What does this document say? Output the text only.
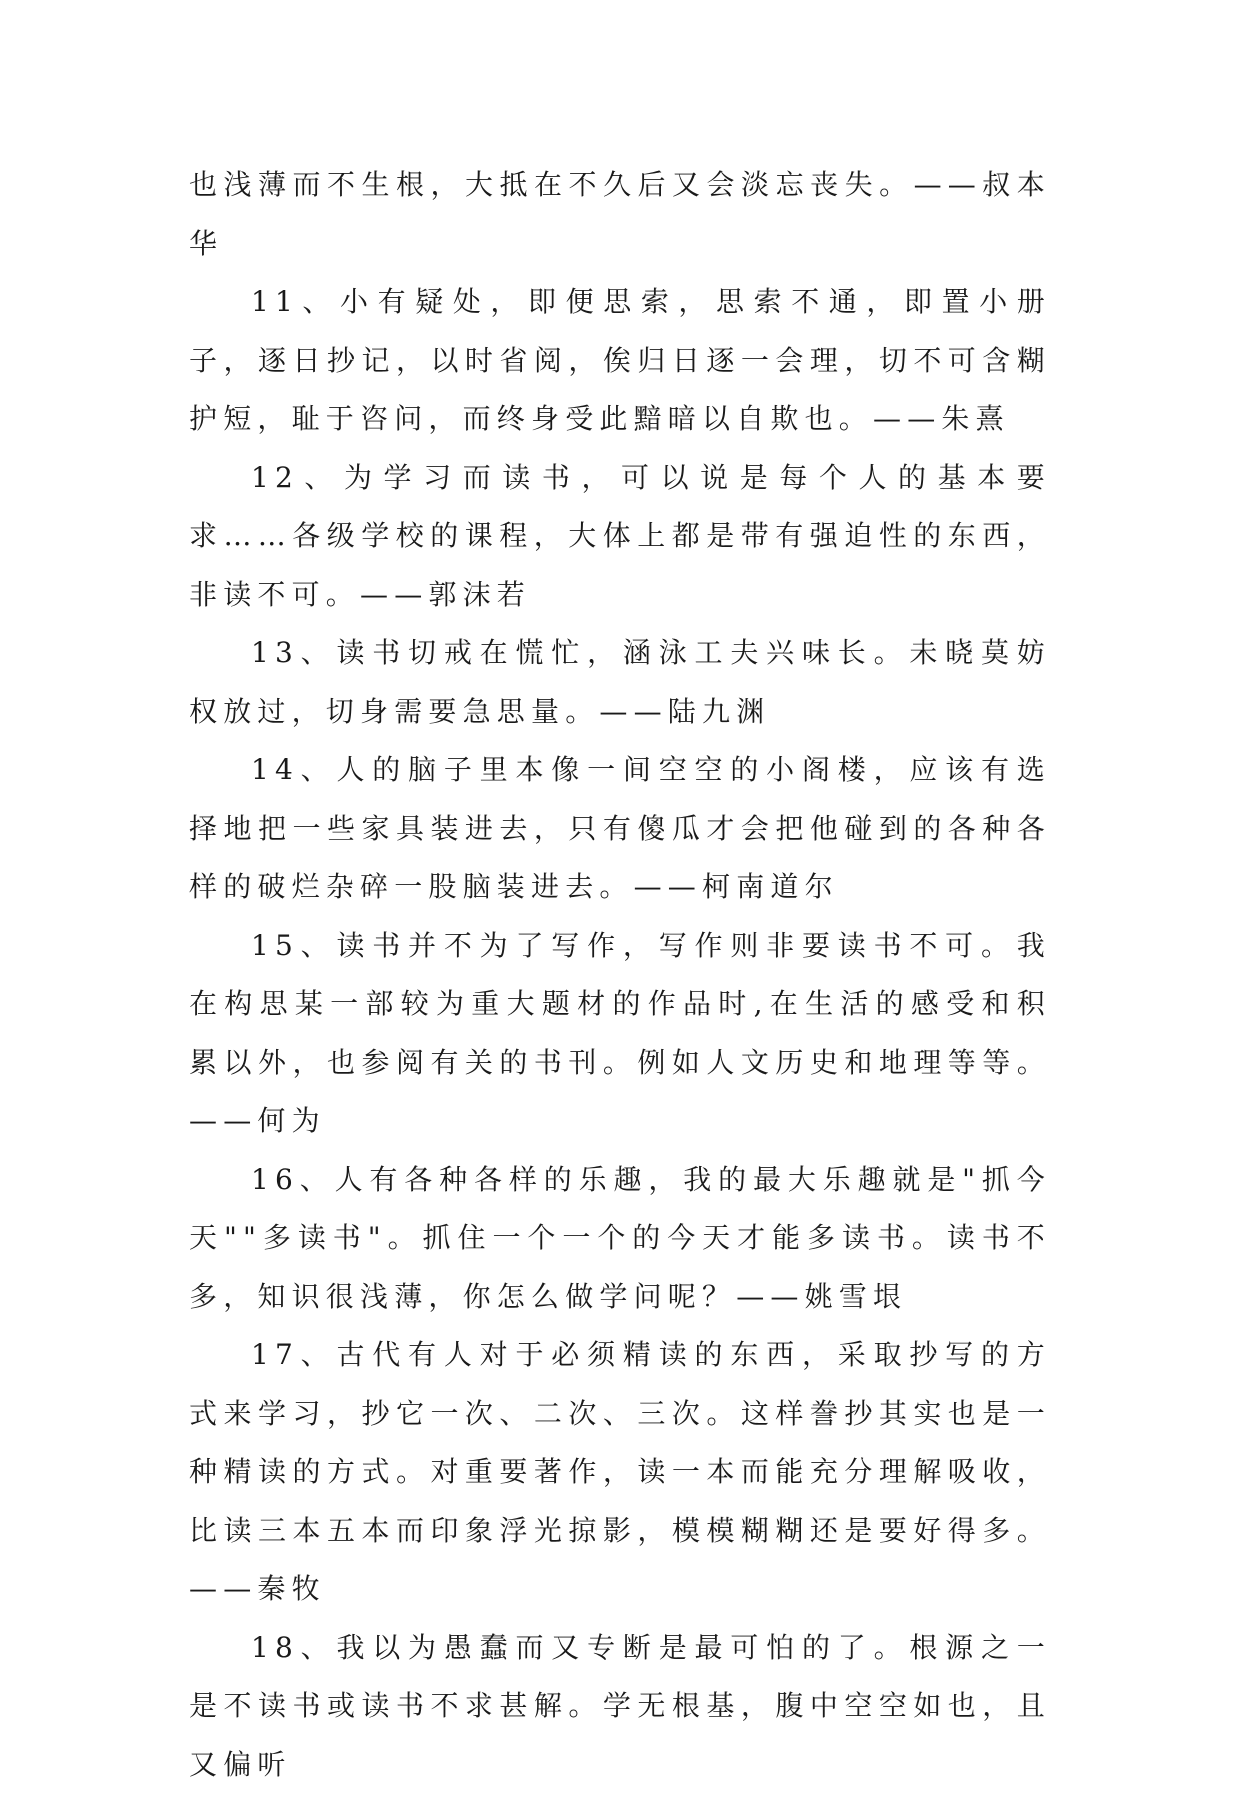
也浅薄而不生根，大抵在不久后又会淡忘丧失。——叔本华

11、小有疑处，即便思索，思索不通，即置小册子，逐日抄记，以时省阅，俟归日逐一会理，切不可含糊护短，耻于咨问，而终身受此黯暗以自欺也。——朱熹

12、为学习而读书，可以说是每个人的基本要求……各级学校的课程，大体上都是带有强迫性的东西，非读不可。——郭沫若

13、读书切戒在慌忙，涵泳工夫兴味长。未晓莫妨权放过，切身需要急思量。——陆九渊

14、人的脑子里本像一间空空的小阁楼，应该有选择地把一些家具装进去，只有傻瓜才会把他碰到的各种各样的破烂杂碎一股脑装进去。——柯南道尔

15、读书并不为了写作，写作则非要读书不可。我在构思某一部较为重大题材的作品时,在生活的感受和积累以外，也参阅有关的书刊。例如人文历史和地理等等。——何为

16、人有各种各样的乐趣，我的最大乐趣就是"抓今天""多读书"。抓住一个一个的今天才能多读书。读书不多，知识很浅薄，你怎么做学问呢？——姚雪垠

17、古代有人对于必须精读的东西，采取抄写的方式来学习，抄它一次、二次、三次。这样誊抄其实也是一种精读的方式。对重要著作，读一本而能充分理解吸收，比读三本五本而印象浮光掠影，模模糊糊还是要好得多。——秦牧

18、我以为愚蠢而又专断是最可怕的了。根源之一是不读书或读书不求甚解。学无根基，腹中空空如也，且又偏听
